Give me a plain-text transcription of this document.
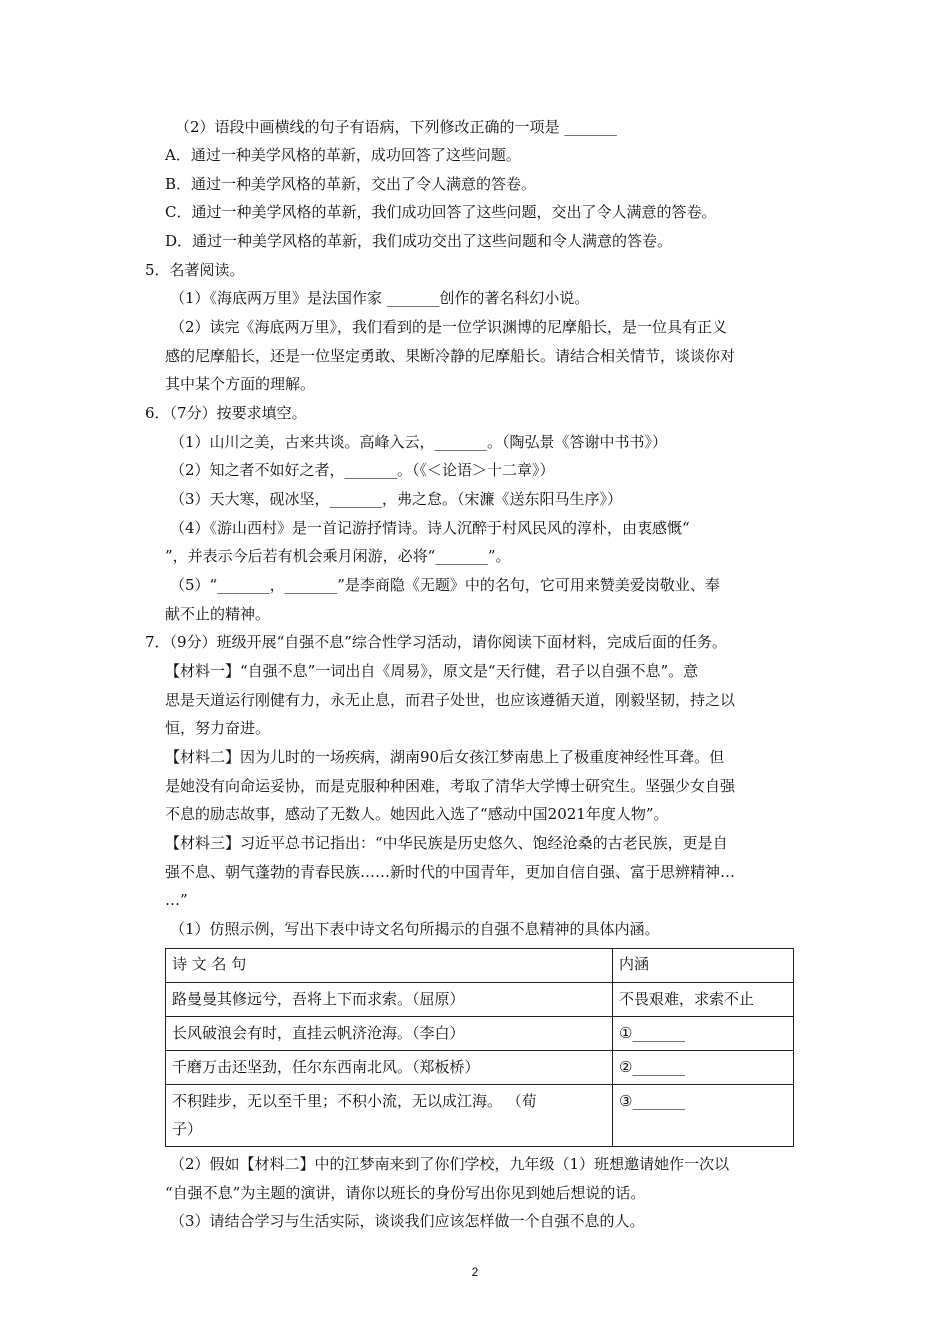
（2）语段中画横线的句子有语病，下列修改正确的一项是 _______
A．通过一种美学风格的革新，成功回答了这些问题。
B．通过一种美学风格的革新，交出了令人满意的答卷。
C．通过一种美学风格的革新，我们成功回答了这些问题，交出了令人满意的答卷。
D．通过一种美学风格的革新，我们成功交出了这些问题和令人满意的答卷。
5．名著阅读。
（1）《海底两万里》是法国作家 _______创作的著名科幻小说。
（2）读完《海底两万里》，我们看到的是一位学识渊博的尼摩船长，是一位具有正义
感的尼摩船长，还是一位坚定勇敢、果断冷静的尼摩船长。请结合相关情节，谈谈你对
其中某个方面的理解。
6．（7分）按要求填空。
（1）山川之美，古来共谈。高峰入云，_______。（陶弘景《答谢中书书》）
（2）知之者不如好之者，_______。（《＜论语＞十二章》）
（3）天大寒，砚冰坚，_______，弗之怠。（宋濂《送东阳马生序》）
（4）《游山西村》是一首记游抒情诗。诗人沉醉于村风民风的淳朴，由衷感慨“
”，并表示今后若有机会乘月闲游，必将“_______”。
（5）“_______，_______”是李商隐《无题》中的名句，它可用来赞美爱岗敬业、奉
献不止的精神。
7．（9分）班级开展“自强不息”综合性学习活动，请你阅读下面材料，完成后面的任务。
【材料一】“自强不息”一词出自《周易》，原文是“天行健，君子以自强不息”。意
思是天道运行刚健有力，永无止息，而君子处世，也应该遵循天道，刚毅坚韧，持之以
恒，努力奋进。
【材料二】因为儿时的一场疾病，湖南90后女孩江梦南患上了极重度神经性耳聋。但
是她没有向命运妥协，而是克服种种困难，考取了清华大学博士研究生。坚强少女自强
不息的励志故事，感动了无数人。她因此入选了“感动中国2021年度人物”。
【材料三】习近平总书记指出：“中华民族是历史悠久、饱经沧桑的古老民族，更是自
强不息、朝气蓬勃的青春民族……新时代的中国青年，更加自信自强、富于思辨精神…
…”
（1）仿照示例，写出下表中诗文名句所揭示的自强不息精神的具体内涵。
诗 文 名 句	内涵
路曼曼其修远兮，吾将上下而求索。（屈原）	不畏艰难，求索不止
长风破浪会有时，直挂云帆济沧海。（李白）	①_______
千磨万击还坚劲，任尔东西南北风。（郑板桥）	②_______

不积跬步，无以至千里；不积小流，无以成江海。 （荀
子）	③_______
（2）假如【材料二】中的江梦南来到了你们学校，九年级（1）班想邀请她作一次以
“自强不息”为主题的演讲，请你以班长的身份写出你见到她后想说的话。
（3）请结合学习与生活实际，谈谈我们应该怎样做一个自强不息的人。
2
